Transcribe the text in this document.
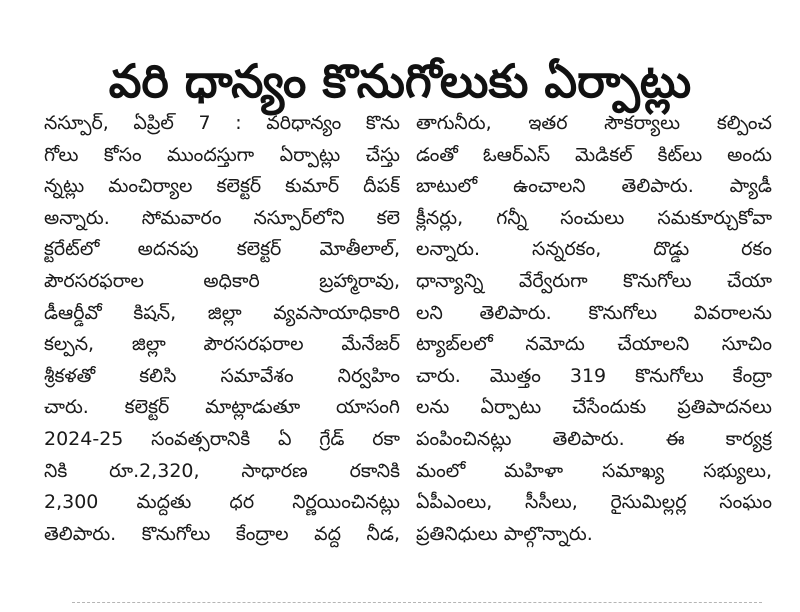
వరి ధాన్యం కొనుగోలుకు ఏర్పాట్లు
నస్పూర్, ఏప్రిల్ 7 : వరిధాన్యం కొను
గోలు కోసం ముందస్తుగా ఏర్పాట్లు చేస్తు
న్నట్లు మంచిర్యాల కలెక్టర్ కుమార్ దీపక్
అన్నారు. సోమవారం నస్పూర్‌లోని కలె
క్టరేట్‌లో అదనపు కలెక్టర్ మోతీలాల్,
పౌరసరఫరాల అధికారి బ్రహ్మారావు,
డీఆర్డీవో కిషన్, జిల్లా వ్యవసాయాధికారి
కల్పన, జిల్లా పౌరసరఫరాల మేనేజర్
శ్రీకళతో కలిసి సమావేశం నిర్వహిం
చారు. కలెక్టర్ మాట్లాడుతూ యాసంగి
2024-25 సంవత్సరానికి ఏ గ్రేడ్ రకా
నికి రూ.2,320, సాధారణ రకానికి
2,300 మద్దతు ధర నిర్ణయించినట్లు
తెలిపారు. కొనుగోలు కేంద్రాల వద్ద నీడ,
తాగునీరు, ఇతర సౌకర్యాలు కల్పించ
డంతో ఓఆర్ఎస్ మెడికల్ కిట్‌లు అందు
బాటులో ఉంచాలని తెలిపారు. ప్యాడీ
క్లీనర్లు, గన్నీ సంచులు సమకూర్చుకోవా
లన్నారు. సన్నరకం, దొడ్డు రకం
ధాన్యాన్ని వేర్వేరుగా కొనుగోలు చేయా
లని తెలిపారు. కొనుగోలు వివరాలను
ట్యాబ్‌లలో నమోదు చేయాలని సూచిం
చారు. మొత్తం 319 కొనుగోలు కేంద్రా
లను ఏర్పాటు చేసేందుకు ప్రతిపాదనలు
పంపించినట్లు తెలిపారు. ఈ కార్యక్ర
మంలో మహిళా సమాఖ్య సభ్యులు,
ఏపీఎంలు, సీసీలు, రైసుమిల్లర్ల సంఘం
ప్రతినిధులు పాల్గొన్నారు.
